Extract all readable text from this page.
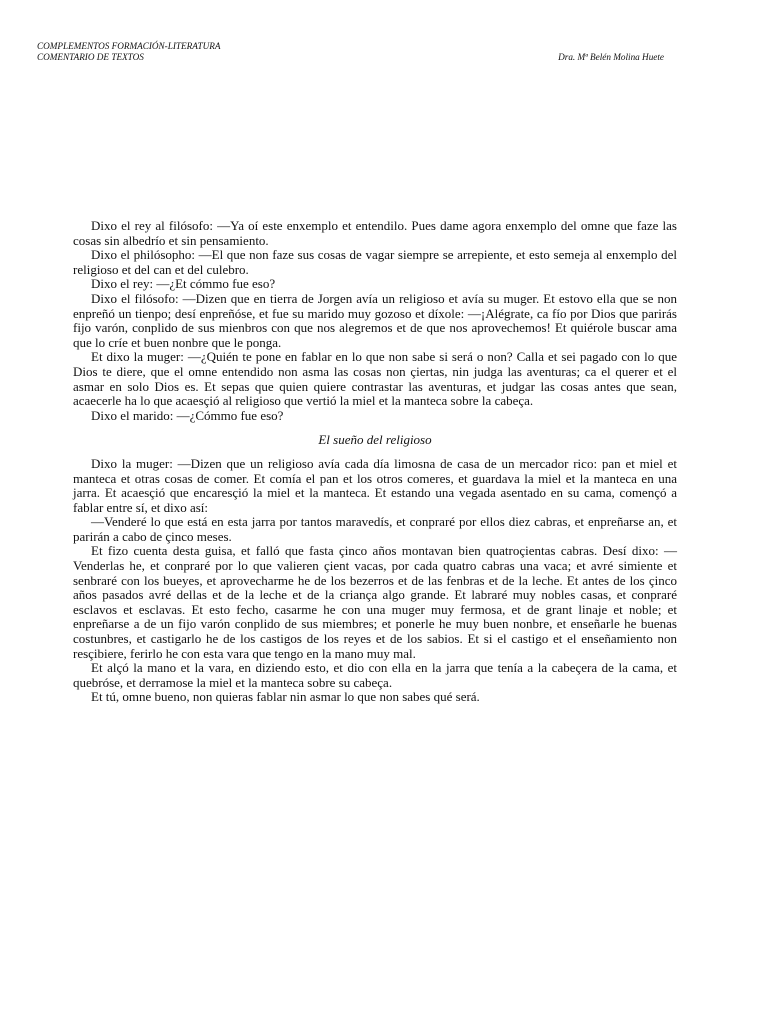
COMPLEMENTOS FORMACIÓN-LITERATURA
COMENTARIO DE TEXTOS	Dra. Mª Belén Molina Huete

Dixo el rey al filósofo: —Ya oí este enxemplo et entendilo. Pues dame agora enxemplo del omne que faze las cosas sin albedrío et sin pensamiento.

Dixo el philósopho: —El que non faze sus cosas de vagar siempre se arrepiente, et esto semeja al enxemplo del religioso et del can et del culebro.

Dixo el rey: —¿Et cómmo fue eso?

Dixo el filósofo: —Dizen que en tierra de Jorgen avía un religioso et avía su muger. Et estovo ella que se non enpreñó un tienpo; desí enpreñóse, et fue su marido muy gozoso et díxole: —¡Alégrate, ca fío por Dios que parirás fijo varón, conplido de sus mienbros con que nos alegremos et de que nos aprovechemos! Et quiérole buscar ama que lo críe et buen nonbre que le ponga.

Et dixo la muger: —¿Quién te pone en fablar en lo que non sabe si será o non? Calla et sei pagado con lo que Dios te diere, que el omne entendido non asma las cosas non çiertas, nin judga las aventuras; ca el querer et el asmar en solo Dios es. Et sepas que quien quiere contrastar las aventuras, et judgar las cosas antes que sean, acaecerle ha lo que acaesçió al religioso que vertió la miel et la manteca sobre la cabeça.

Dixo el marido: —¿Cómmo fue eso?

El sueño del religioso

Dixo la muger: —Dizen que un religioso avía cada día limosna de casa de un mercador rico: pan et miel et manteca et otras cosas de comer. Et comía el pan et los otros comeres, et guardava la miel et la manteca en una jarra. Et acaesçió que encaresçió la miel et la manteca. Et estando una vegada asentado en su cama, començó a fablar entre sí, et dixo así:

—Venderé lo que está en esta jarra por tantos maravedís, et conpraré por ellos diez cabras, et enpreñarse an, et parirán a cabo de çinco meses.

Et fizo cuenta desta guisa, et falló que fasta çinco años montavan bien quatroçientas cabras. Desí dixo: —Venderlas he, et conpraré por lo que valieren çient vacas, por cada quatro cabras una vaca; et avré simiente et senbraré con los bueyes, et aprovecharme he de los bezerros et de las fenbras et de la leche. Et antes de los çinco años pasados avré dellas et de la leche et de la criança algo grande. Et labraré muy nobles casas, et conpraré esclavos et esclavas. Et esto fecho, casarme he con una muger muy fermosa, et de grant linaje et noble; et enpreñarse a de un fijo varón conplido de sus miembres; et ponerle he muy buen nonbre, et enseñarle he buenas costunbres, et castigarlo he de los castigos de los reyes et de los sabios. Et si el castigo et el enseñamiento non resçibiere, ferirlo he con esta vara que tengo en la mano muy mal.

Et alçó la mano et la vara, en diziendo esto, et dio con ella en la jarra que tenía a la cabeçera de la cama, et quebróse, et derramose la miel et la manteca sobre su cabeça.

Et tú, omne bueno, non quieras fablar nin asmar lo que non sabes qué será.
